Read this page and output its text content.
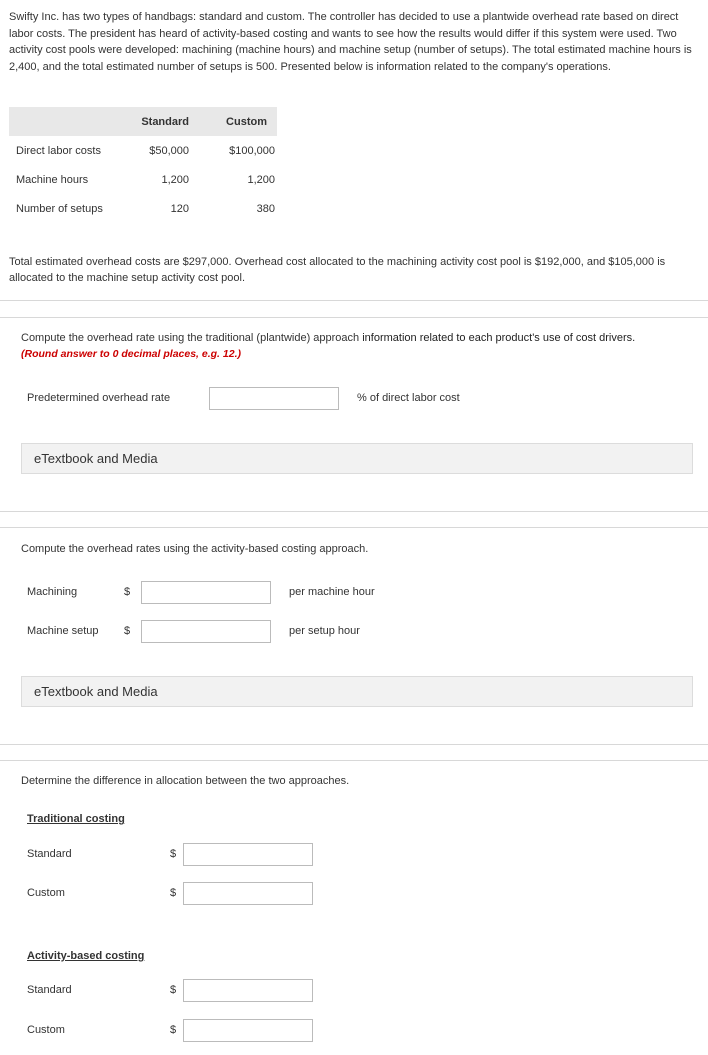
Swifty Inc. has two types of handbags: standard and custom. The controller has decided to use a plantwide overhead rate based on direct labor costs. The president has heard of activity-based costing and wants to see how the results would differ if this system were used. Two activity cost pools were developed: machining (machine hours) and machine setup (number of setups). The total estimated machine hours is 2,400, and the total estimated number of setups is 500. Presented below is information related to the company's operations.
	Standard	Custom
Direct labor costs	$50,000	$100,000
Machine hours	1,200	1,200
Number of setups	120	380
Total estimated overhead costs are $297,000. Overhead cost allocated to the machining activity cost pool is $192,000, and $105,000 is allocated to the machine setup activity cost pool.
Compute the overhead rate using the traditional (plantwide) approach information related to each product's use of cost drivers.
(Round answer to 0 decimal places, e.g. 12.)
Predetermined overhead rate	% of direct labor cost
eTextbook and Media
Compute the overhead rates using the activity-based costing approach.
Machining	$	per machine hour
Machine setup $	per setup hour
eTextbook and Media
Determine the difference in allocation between the two approaches.
Traditional costing
Standard	$
Custom	$
Activity-based costing
Standard	$
Custom	$
